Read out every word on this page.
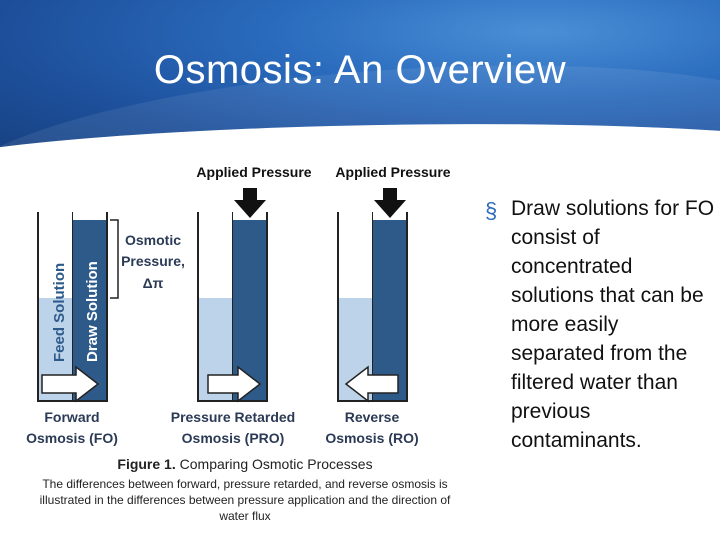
Osmosis: An Overview
Applied Pressure Applied Pressure
Feed Solution Draw Solution
Osmotic
Pressure,
Δπ
Forward
Osmosis (FO)
Pressure Retarded
Osmosis (PRO)
Reverse
Osmosis (RO)
Figure 1. Comparing Osmotic Processes
The differences between forward, pressure retarded, and reverse osmosis is illustrated in the differences between pressure application and the direction of water flux
§ Draw solutions for FO consist of concentrated solutions that can be more easily separated from the filtered water than previous contaminants.
